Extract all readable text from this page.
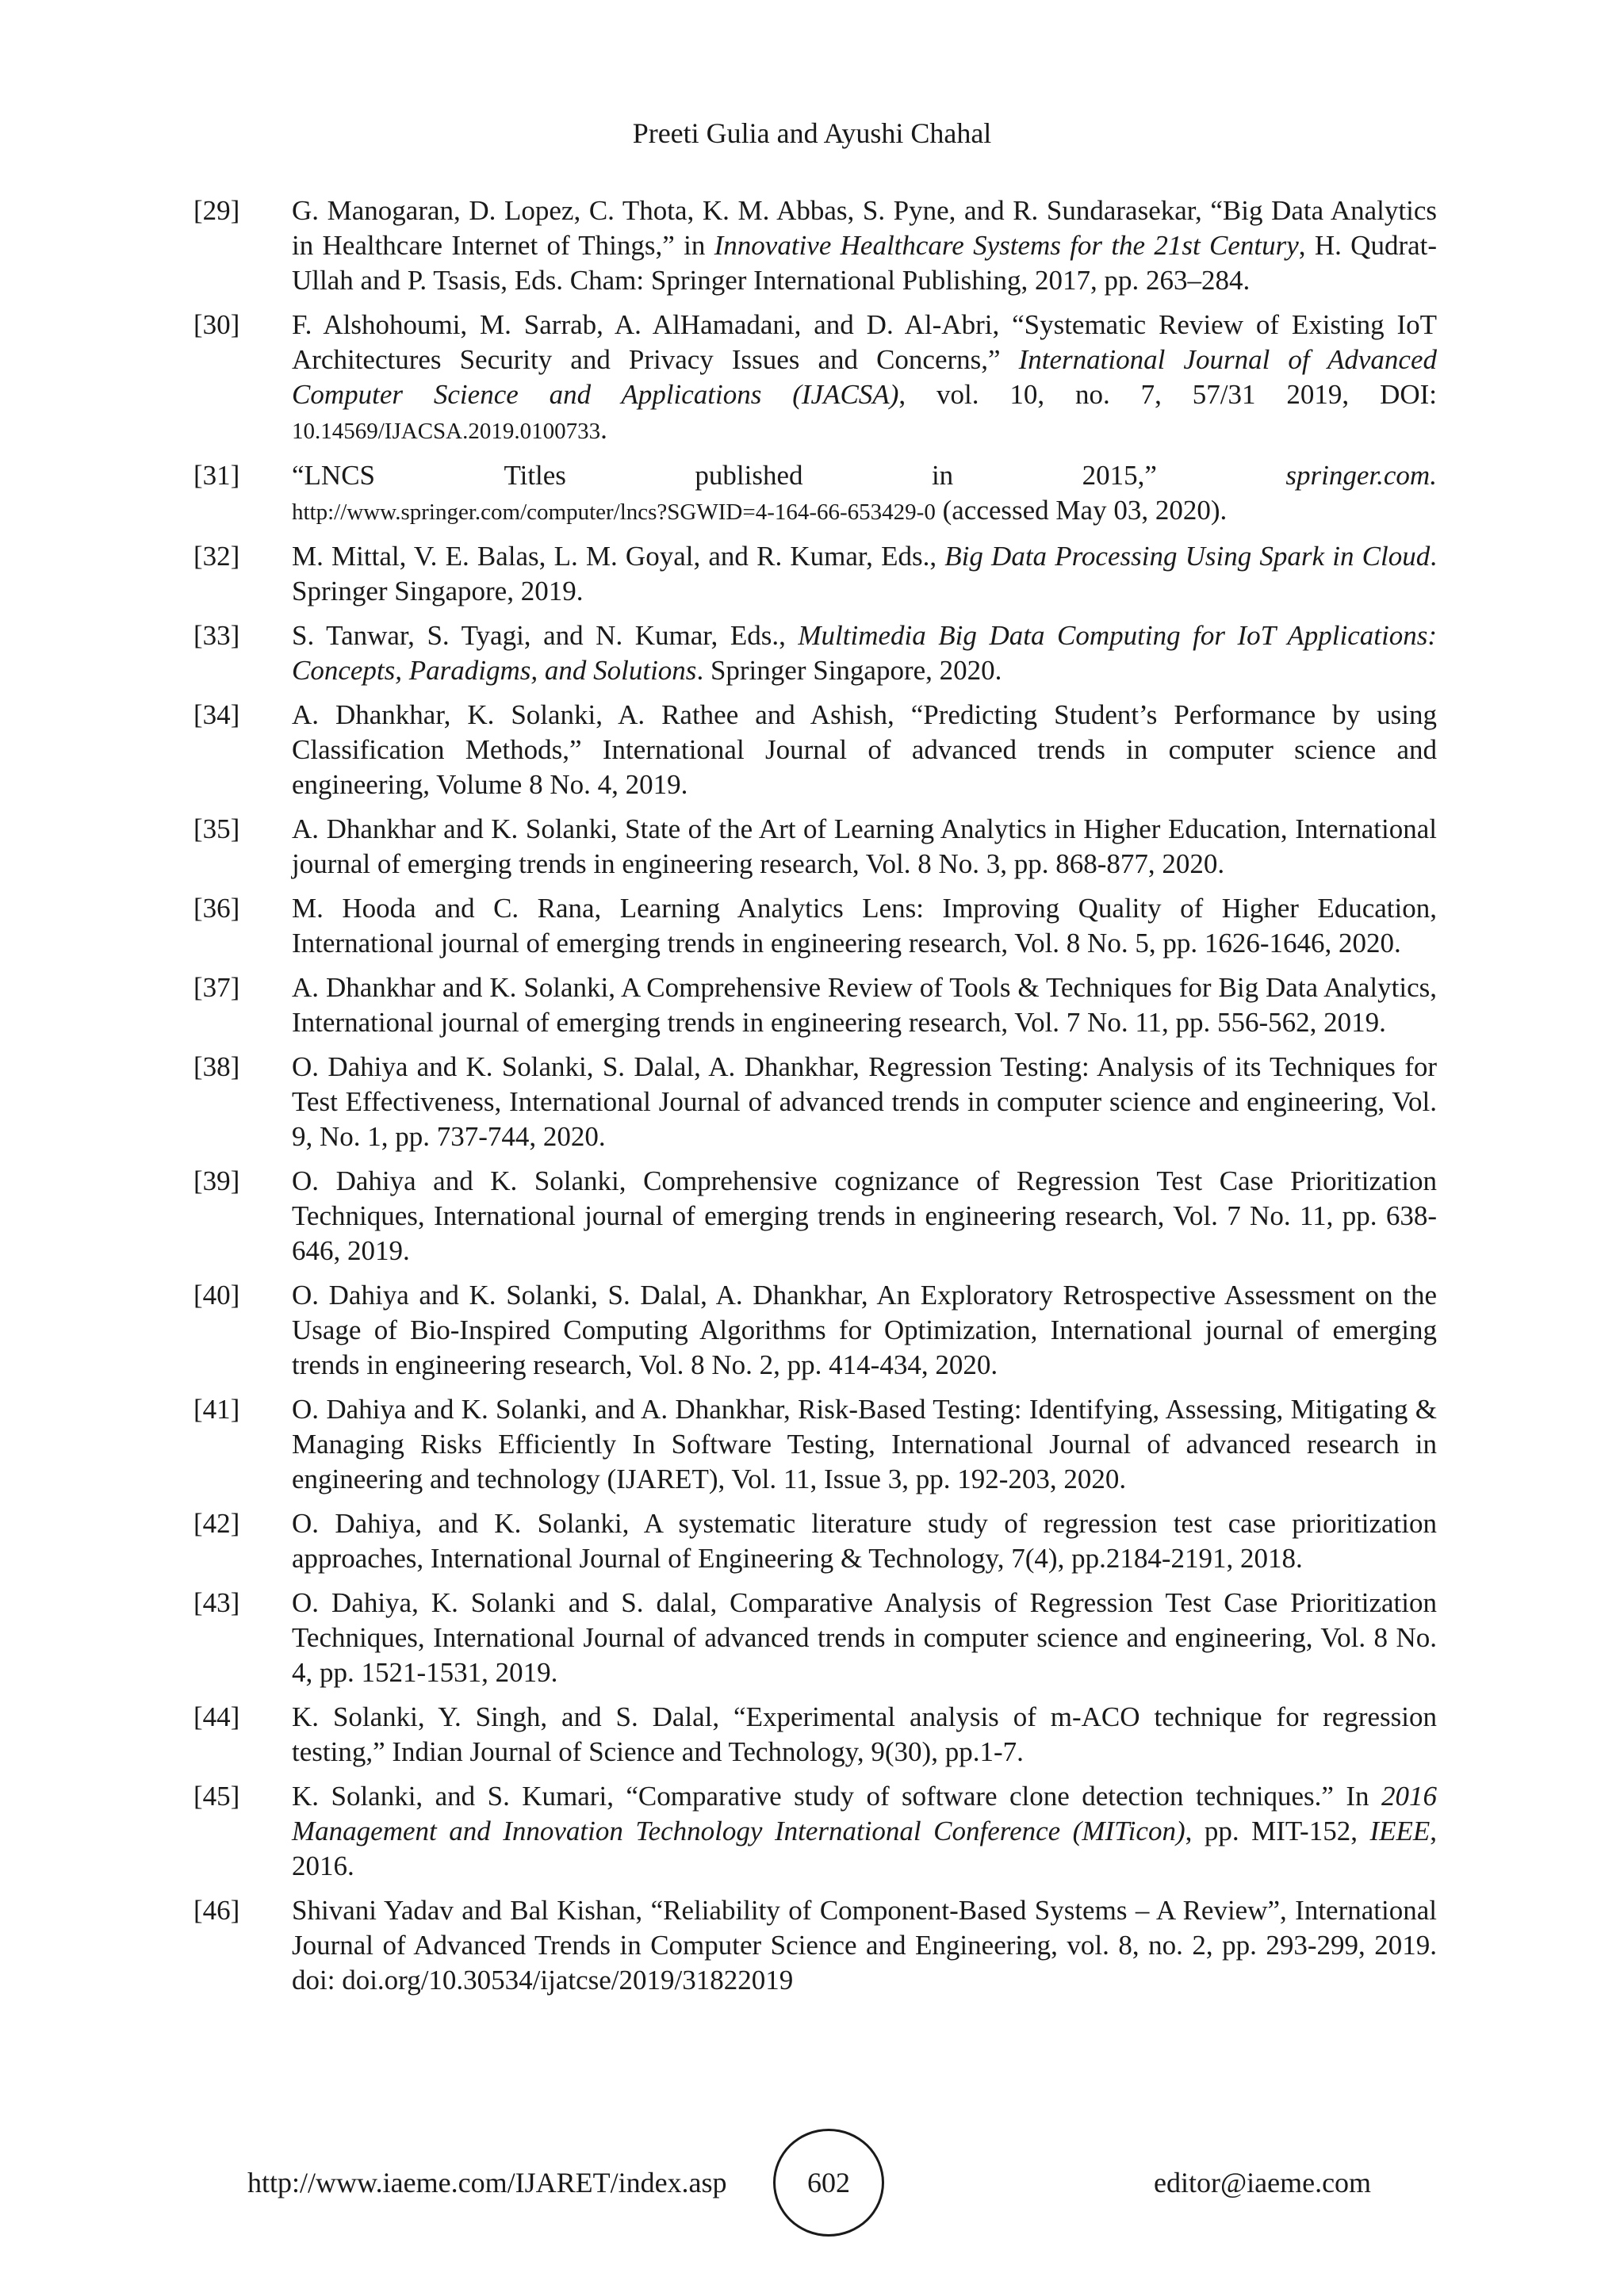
Preeti Gulia and Ayushi Chahal
[29]	G. Manogaran, D. Lopez, C. Thota, K. M. Abbas, S. Pyne, and R. Sundarasekar, “Big Data Analytics in Healthcare Internet of Things,” in Innovative Healthcare Systems for the 21st Century, H. Qudrat-Ullah and P. Tsasis, Eds. Cham: Springer International Publishing, 2017, pp. 263–284.
[30]	F. Alshohoumi, M. Sarrab, A. AlHamadani, and D. Al-Abri, “Systematic Review of Existing IoT Architectures Security and Privacy Issues and Concerns,” International Journal of Advanced Computer Science and Applications (IJACSA), vol. 10, no. 7, 57/31 2019, DOI: 10.14569/IJACSA.2019.0100733.
[31]	“LNCS	Titles	published	in	2015,”	springer.com.
http://www.springer.com/computer/lncs?SGWID=4-164-66-653429-0 (accessed May 03, 2020).
[32]	M. Mittal, V. E. Balas, L. M. Goyal, and R. Kumar, Eds., Big Data Processing Using Spark in Cloud. Springer Singapore, 2019.
[33]	S. Tanwar, S. Tyagi, and N. Kumar, Eds., Multimedia Big Data Computing for IoT Applications: Concepts, Paradigms, and Solutions. Springer Singapore, 2020.
[34]	A. Dhankhar, K. Solanki, A. Rathee and Ashish, “Predicting Student’s Performance by using Classification Methods,” International Journal of advanced trends in computer science and engineering, Volume 8 No. 4, 2019.
[35]	A. Dhankhar and K. Solanki, State of the Art of Learning Analytics in Higher Education, International journal of emerging trends in engineering research, Vol. 8 No. 3, pp. 868-877, 2020.
[36]	M. Hooda and C. Rana, Learning Analytics Lens: Improving Quality of Higher Education, International journal of emerging trends in engineering research, Vol. 8 No. 5, pp. 1626-1646, 2020.
[37]	A. Dhankhar and K. Solanki, A Comprehensive Review of Tools & Techniques for Big Data Analytics, International journal of emerging trends in engineering research, Vol. 7 No. 11, pp. 556-562, 2019.
[38]	O. Dahiya and K. Solanki, S. Dalal, A. Dhankhar, Regression Testing: Analysis of its Techniques for Test Effectiveness, International Journal of advanced trends in computer science and engineering, Vol. 9, No. 1, pp. 737-744, 2020.
[39]	O. Dahiya and K. Solanki, Comprehensive cognizance of Regression Test Case Prioritization Techniques, International journal of emerging trends in engineering research, Vol. 7 No. 11, pp. 638-646, 2019.
[40]	O. Dahiya and K. Solanki, S. Dalal, A. Dhankhar, An Exploratory Retrospective Assessment on the Usage of Bio-Inspired Computing Algorithms for Optimization, International journal of emerging trends in engineering research, Vol. 8 No. 2, pp. 414-434, 2020.
[41]	O. Dahiya and K. Solanki, and A. Dhankhar, Risk-Based Testing: Identifying, Assessing, Mitigating & Managing Risks Efficiently In Software Testing, International Journal of advanced research in engineering and technology (IJARET), Vol. 11, Issue 3, pp. 192-203, 2020.
[42]	O. Dahiya, and K. Solanki, A systematic literature study of regression test case prioritization approaches, International Journal of Engineering & Technology, 7(4), pp.2184-2191, 2018.
[43]	O. Dahiya, K. Solanki and S. dalal, Comparative Analysis of Regression Test Case Prioritization Techniques, International Journal of advanced trends in computer science and engineering, Vol. 8 No. 4, pp. 1521-1531, 2019.
[44]	K. Solanki, Y. Singh, and S. Dalal, “Experimental analysis of m-ACO technique for regression testing,” Indian Journal of Science and Technology, 9(30), pp.1-7.
[45]	K. Solanki, and S. Kumari, “Comparative study of software clone detection techniques.” In 2016 Management and Innovation Technology International Conference (MITicon), pp. MIT-152, IEEE, 2016.
[46]	Shivani Yadav and Bal Kishan, “Reliability of Component-Based Systems – A Review”, International Journal of Advanced Trends in Computer Science and Engineering, vol. 8, no. 2, pp. 293-299, 2019. doi: doi.org/10.30534/ijatcse/2019/31822019
http://www.iaeme.com/IJARET/index.asp	602	editor@iaeme.com
